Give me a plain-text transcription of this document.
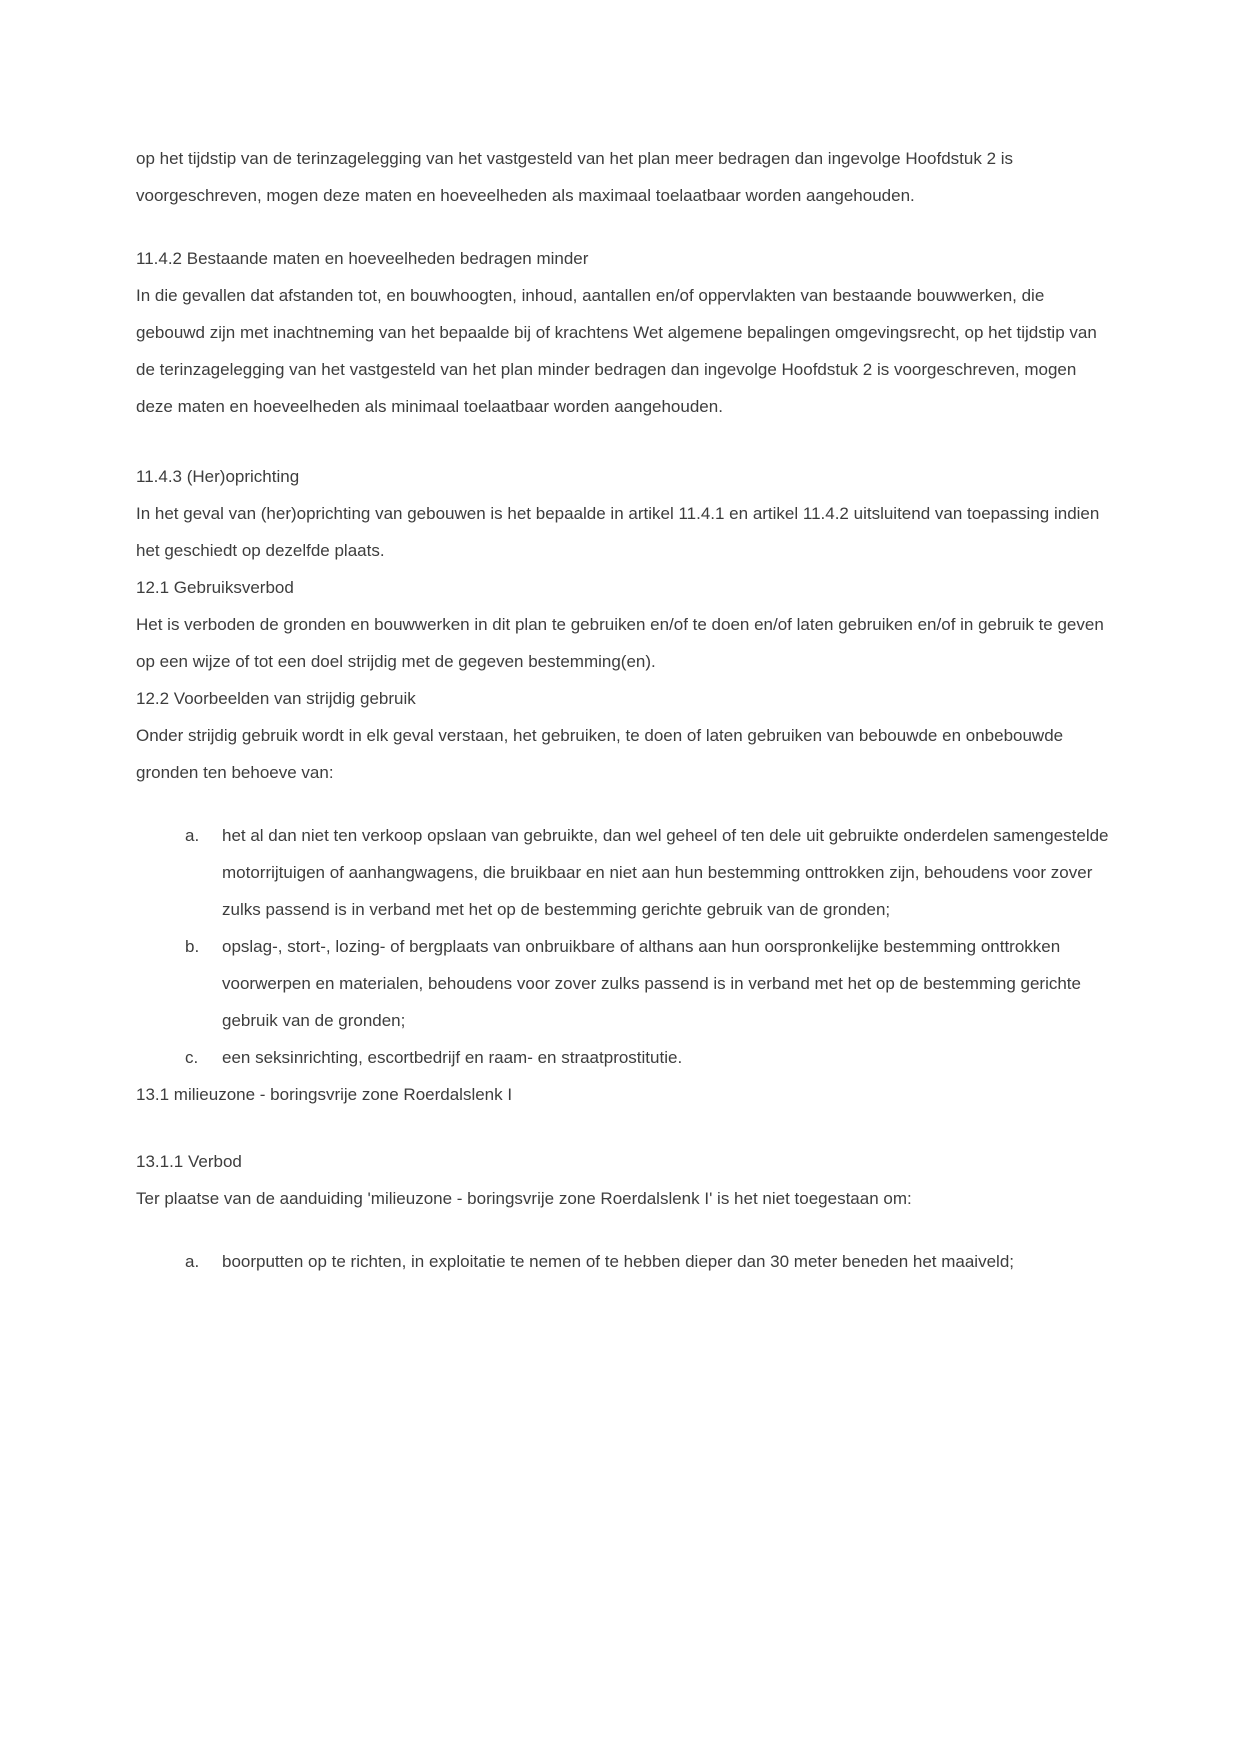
op het tijdstip van de terinzagelegging van het vastgesteld van het plan meer bedragen dan ingevolge Hoofdstuk 2 is voorgeschreven, mogen deze maten en hoeveelheden als maximaal toelaatbaar worden aangehouden.

11.4.2 Bestaande maten en hoeveelheden bedragen minder

In die gevallen dat afstanden tot, en bouwhoogten, inhoud, aantallen en/of oppervlakten van bestaande bouwwerken, die gebouwd zijn met inachtneming van het bepaalde bij of krachtens Wet algemene bepalingen omgevingsrecht, op het tijdstip van de terinzagelegging van het vastgesteld van het plan minder bedragen dan ingevolge Hoofdstuk 2 is voorgeschreven, mogen deze maten en hoeveelheden als minimaal toelaatbaar worden aangehouden.

11.4.3 (Her)oprichting

In het geval van (her)oprichting van gebouwen is het bepaalde in artikel 11.4.1 en artikel 11.4.2 uitsluitend van toepassing indien het geschiedt op dezelfde plaats.

12.1 Gebruiksverbod

Het is verboden de gronden en bouwwerken in dit plan te gebruiken en/of te doen en/of laten gebruiken en/of in gebruik te geven op een wijze of tot een doel strijdig met de gegeven bestemming(en).

12.2 Voorbeelden van strijdig gebruik

Onder strijdig gebruik wordt in elk geval verstaan, het gebruiken, te doen of laten gebruiken van bebouwde en onbebouwde gronden ten behoeve van:

a.	het al dan niet ten verkoop opslaan van gebruikte, dan wel geheel of ten dele uit gebruikte onderdelen samengestelde motorrijtuigen of aanhangwagens, die bruikbaar en niet aan hun bestemming onttrokken zijn, behoudens voor zover zulks passend is in verband met het op de bestemming gerichte gebruik van de gronden;
b.	opslag-, stort-, lozing- of bergplaats van onbruikbare of althans aan hun oorspronkelijke bestemming onttrokken voorwerpen en materialen, behoudens voor zover zulks passend is in verband met het op de bestemming gerichte gebruik van de gronden;
c.	een seksinrichting, escortbedrijf en raam- en straatprostitutie.

13.1 milieuzone - boringsvrije zone Roerdalslenk I

13.1.1 Verbod

Ter plaatse van de aanduiding 'milieuzone - boringsvrije zone Roerdalslenk I' is het niet toegestaan om:

a.	boorputten op te richten, in exploitatie te nemen of te hebben dieper dan 30 meter beneden het maaiveld;
